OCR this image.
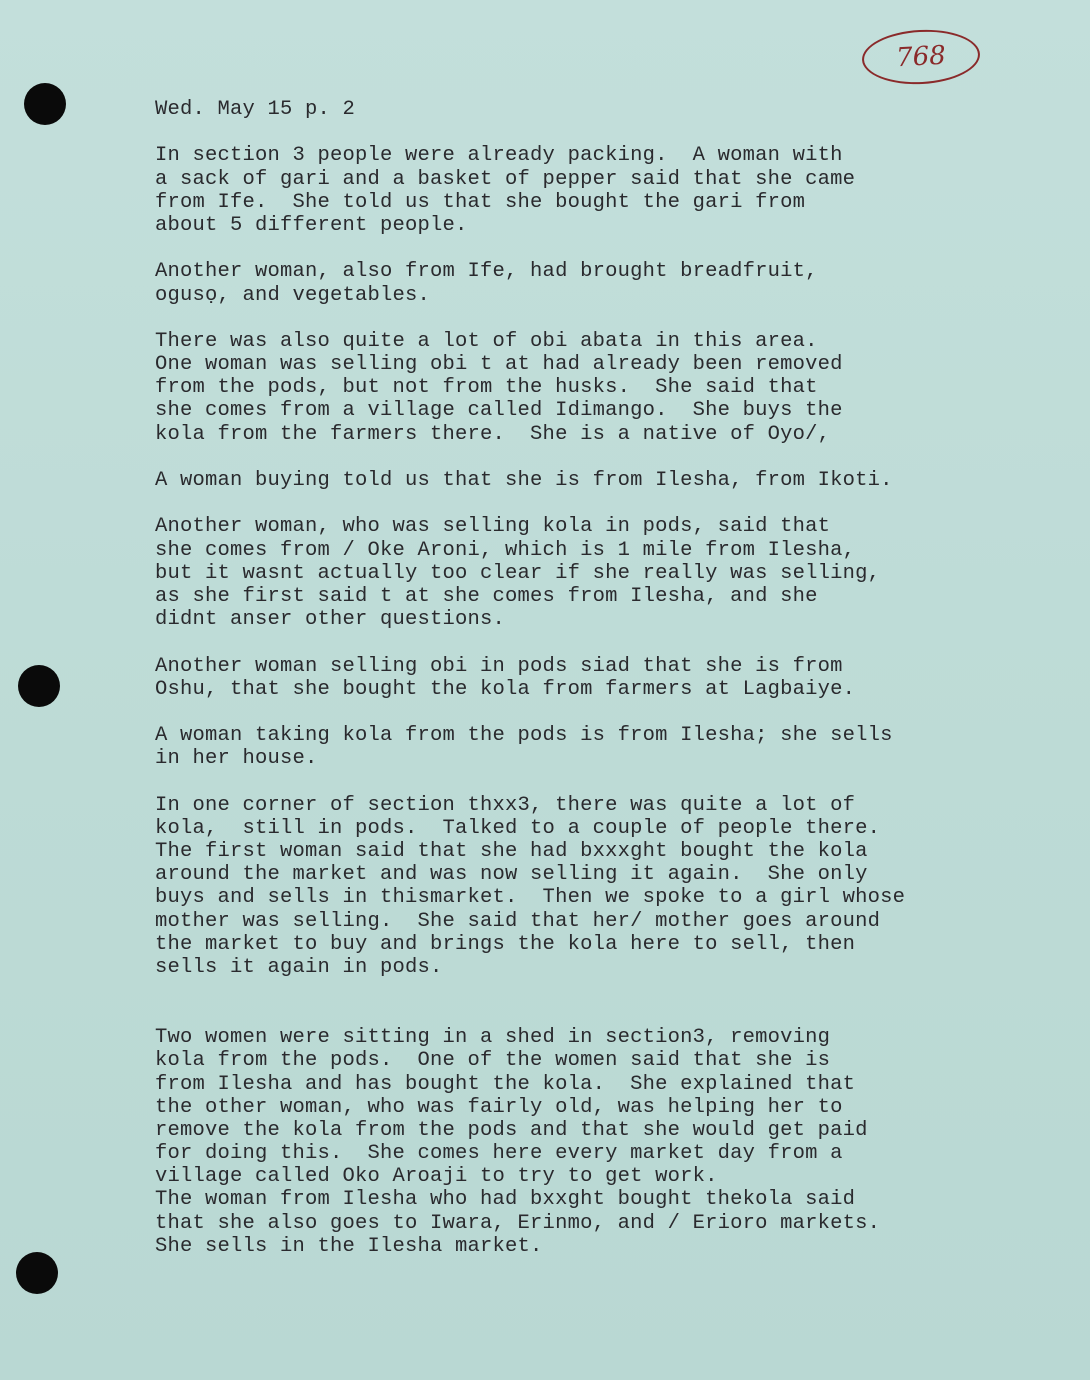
768
Wed. May 15 p. 2
In section 3 people were already packing.  A woman with
a sack of gari and a basket of pepper said that she came
from Ife.  She told us that she bought the gari from
about 5 different people.
Another woman, also from Ife, had brought breadfruit,
ogusọ, and vegetables.
There was also quite a lot of obi abata in this area.
One woman was selling obi t at had already been removed
from the pods, but not from the husks.  She said that
she comes from a village called Idimango.  She buys the
kola from the farmers there.  She is a native of Oyo/,
A woman buying told us that she is from Ilesha, from Ikoti.
Another woman, who was selling kola in pods, said that
she comes from / Oke Aroni, which is 1 mile from Ilesha,
but it wasnt actually too clear if she really was selling,
as she first said t at she comes from Ilesha, and she
didnt anser other questions.
Another woman selling obi in pods siad that she is from
Oshu, that she bought the kola from farmers at Lagbaiye.
A woman taking kola from the pods is from Ilesha; she sells
in her house.
In one corner of section thxx3, there was quite a lot of
kola,  still in pods.  Talked to a couple of people there.
The first woman said that she had bxxxght bought the kola
around the market and was now selling it again.  She only
buys and sells in thismarket.  Then we spoke to a girl whose
mother was selling.  She said that her/ mother goes around
the market to buy and brings the kola here to sell, then
sells it again in pods.
Two women were sitting in a shed in section3, removing
kola from the pods.  One of the women said that she is
from Ilesha and has bought the kola.  She explained that
the other woman, who was fairly old, was helping her to
remove the kola from the pods and that she would get paid
for doing this.  She comes here every market day from a
village called Oko Aroaji to try to get work.
The woman from Ilesha who had bxxght bought thekola said
that she also goes to Iwara, Erinmo, and / Erioro markets.
She sells in the Ilesha market.
